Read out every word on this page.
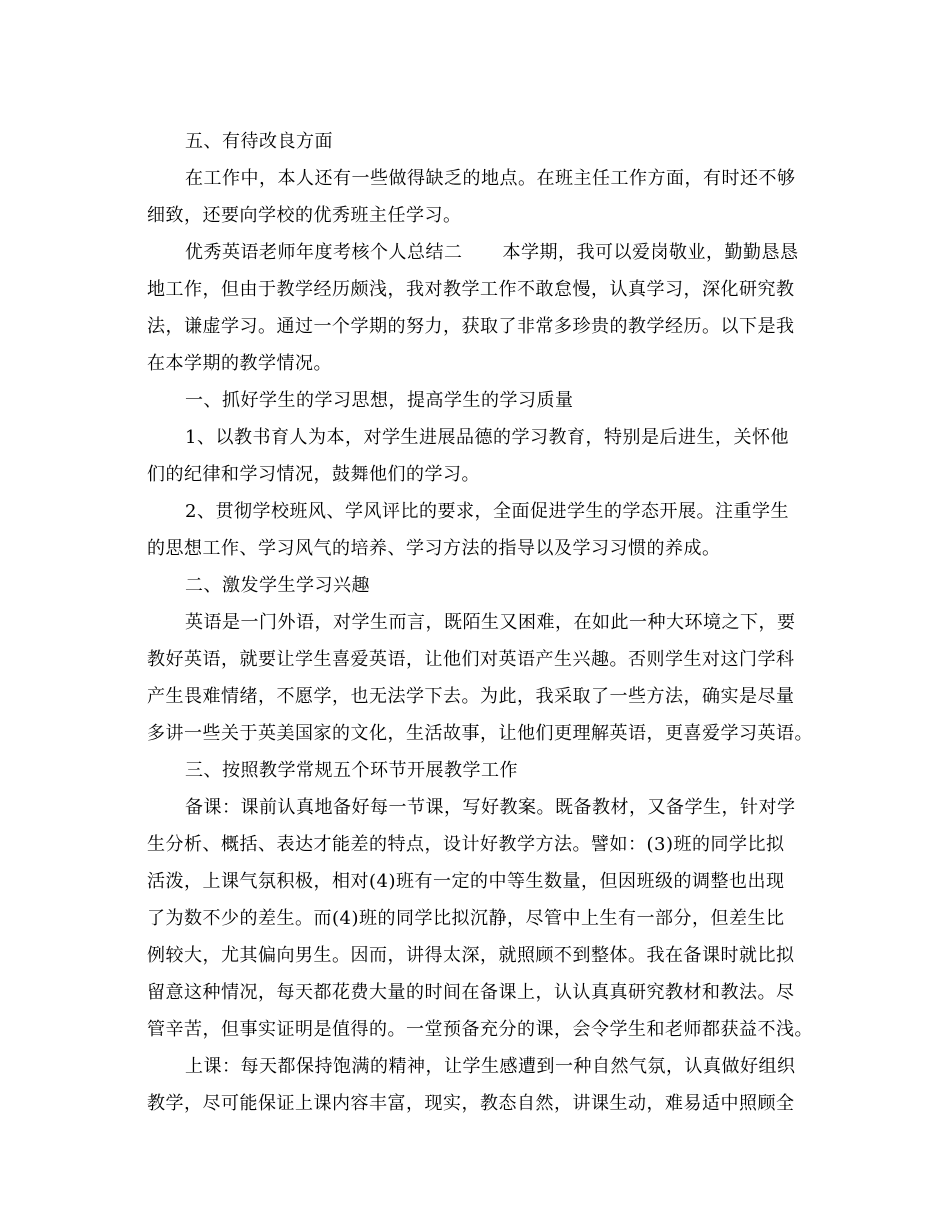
五、有待改良方面
在工作中，本人还有一些做得缺乏的地点。在班主任工作方面，有时还不够
细致，还要向学校的优秀班主任学习。
优秀英语老师年度考核个人总结二 本学期，我可以爱岗敬业，勤勤恳恳
地工作，但由于教学经历颇浅，我对教学工作不敢怠慢，认真学习，深化研究教
法，谦虚学习。通过一个学期的努力，获取了非常多珍贵的教学经历。以下是我
在本学期的教学情况。
一、抓好学生的学习思想，提高学生的学习质量
1、以教书育人为本，对学生进展品德的学习教育，特别是后进生，关怀他
们的纪律和学习情况，鼓舞他们的学习。
2、贯彻学校班风、学风评比的要求，全面促进学生的学态开展。注重学生
的思想工作、学习风气的培养、学习方法的指导以及学习习惯的养成。
二、激发学生学习兴趣
英语是一门外语，对学生而言，既陌生又困难，在如此一种大环境之下，要
教好英语，就要让学生喜爱英语，让他们对英语产生兴趣。否则学生对这门学科
产生畏难情绪，不愿学，也无法学下去。为此，我采取了一些方法，确实是尽量
多讲一些关于英美国家的文化，生活故事，让他们更理解英语，更喜爱学习英语。
三、按照教学常规五个环节开展教学工作
备课：课前认真地备好每一节课，写好教案。既备教材，又备学生，针对学
生分析、概括、表达才能差的特点，设计好教学方法。譬如：(3)班的同学比拟
活泼，上课气氛积极，相对(4)班有一定的中等生数量，但因班级的调整也出现
了为数不少的差生。而(4)班的同学比拟沉静，尽管中上生有一部分，但差生比
例较大，尤其偏向男生。因而，讲得太深，就照顾不到整体。我在备课时就比拟
留意这种情况，每天都花费大量的时间在备课上，认认真真研究教材和教法。尽
管辛苦，但事实证明是值得的。一堂预备充分的课，会令学生和老师都获益不浅。
上课：每天都保持饱满的精神，让学生感遭到一种自然气氛，认真做好组织
教学，尽可能保证上课内容丰富，现实，教态自然，讲课生动，难易适中照顾全
